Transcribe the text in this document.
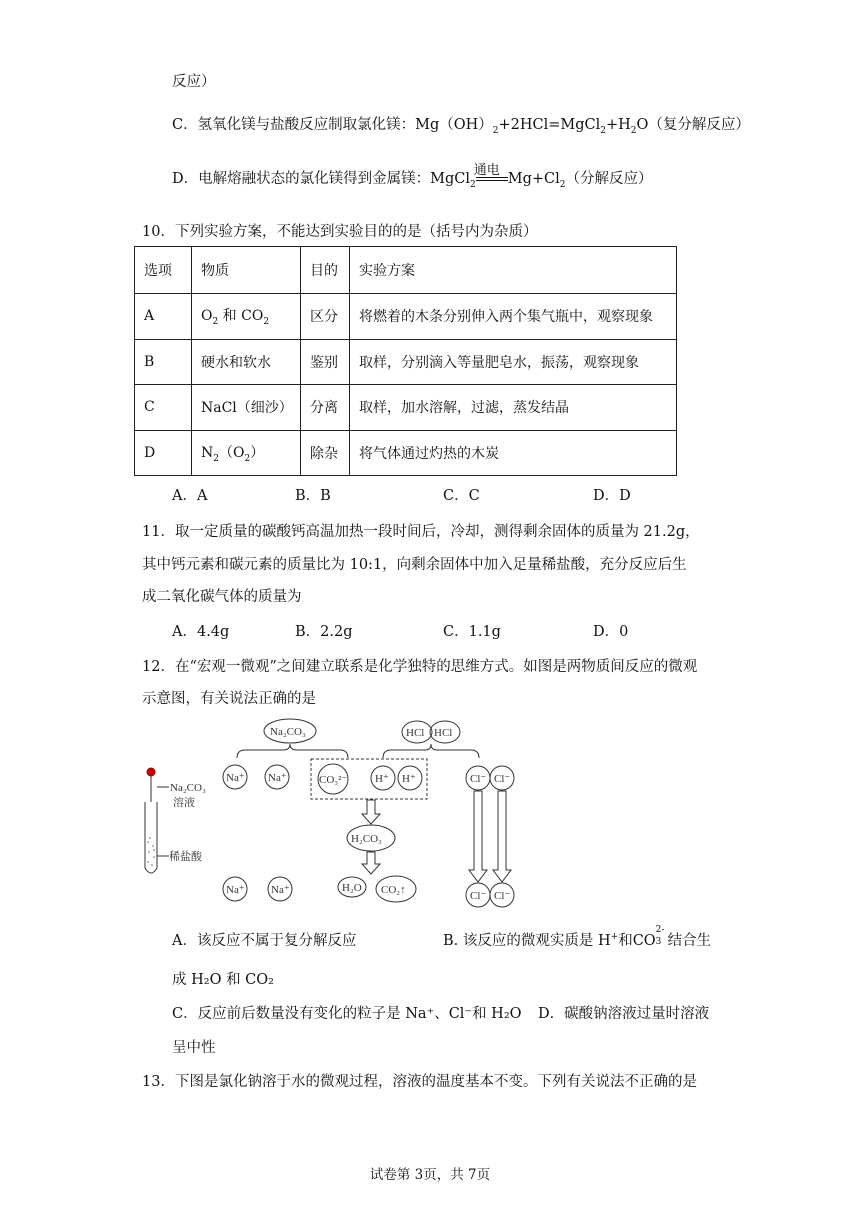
反应）
C．氢氧化镁与盐酸反应制取氯化镁：$Mg(OH)_2+2HCl=MgCl_2+H_2O$（复分解反应）
D．电解熔融状态的氯化镁得到金属镁：MgCl$_2$
通电
$Mg+Cl_2$（分解反应）
10．下列实验方案，不能达到实验目的的是（括号内为杂质）
选项	物质	目的	实验方案
A	$O_2$ 和 $CO_2$	区分	将燃着的木条分别伸入两个集气瓶中，观察现象
B	硬水和软水	鉴别	取样，分别滴入等量肥皂水，振荡，观察现象
C	NaCl（细沙）	分离	取样，加水溶解，过滤，蒸发结晶
D	$N_2(O_2)$	除杂	将气体通过灼热的木炭
A．A	B．B	C．C	D．D
11．取一定质量的碳酸钙高温加热一段时间后，冷却，测得剩余固体的质量为 21.2g，
其中钙元素和碳元素的质量比为 10:1，向剩余固体中加入足量稀盐酸，充分反应后生
成二氧化碳气体的质量为
A．4.4g	B．2.2g	C．1.1g	D．0
12．在“宏观一微观”之间建立联系是化学独特的思维方式。如图是两物质间反应的微观
示意图，有关说法正确的是
Na₂CO₃
溶液
稀盐酸
Na₂CO₃	HCl HCl
Na⁺ Na⁺	CO₃²⁻	H⁺ H⁺	Cl⁻ Cl⁻
H₂CO₃
Na⁺ Na⁺	H₂O CO₂↑	Cl⁻ Cl⁻
A．该反应不属于复分解反应	B. 该反应的微观实质是 H+和CO
2-
3 结合生
成 H₂O 和 CO₂
C．反应前后数量没有变化的粒子是 Na⁺、Cl⁻和 H₂O D．碳酸钠溶液过量时溶液
呈中性
13．下图是氯化钠溶于水的微观过程，溶液的温度基本不变。下列有关说法不正确的是
试卷第 3页，共 7页
